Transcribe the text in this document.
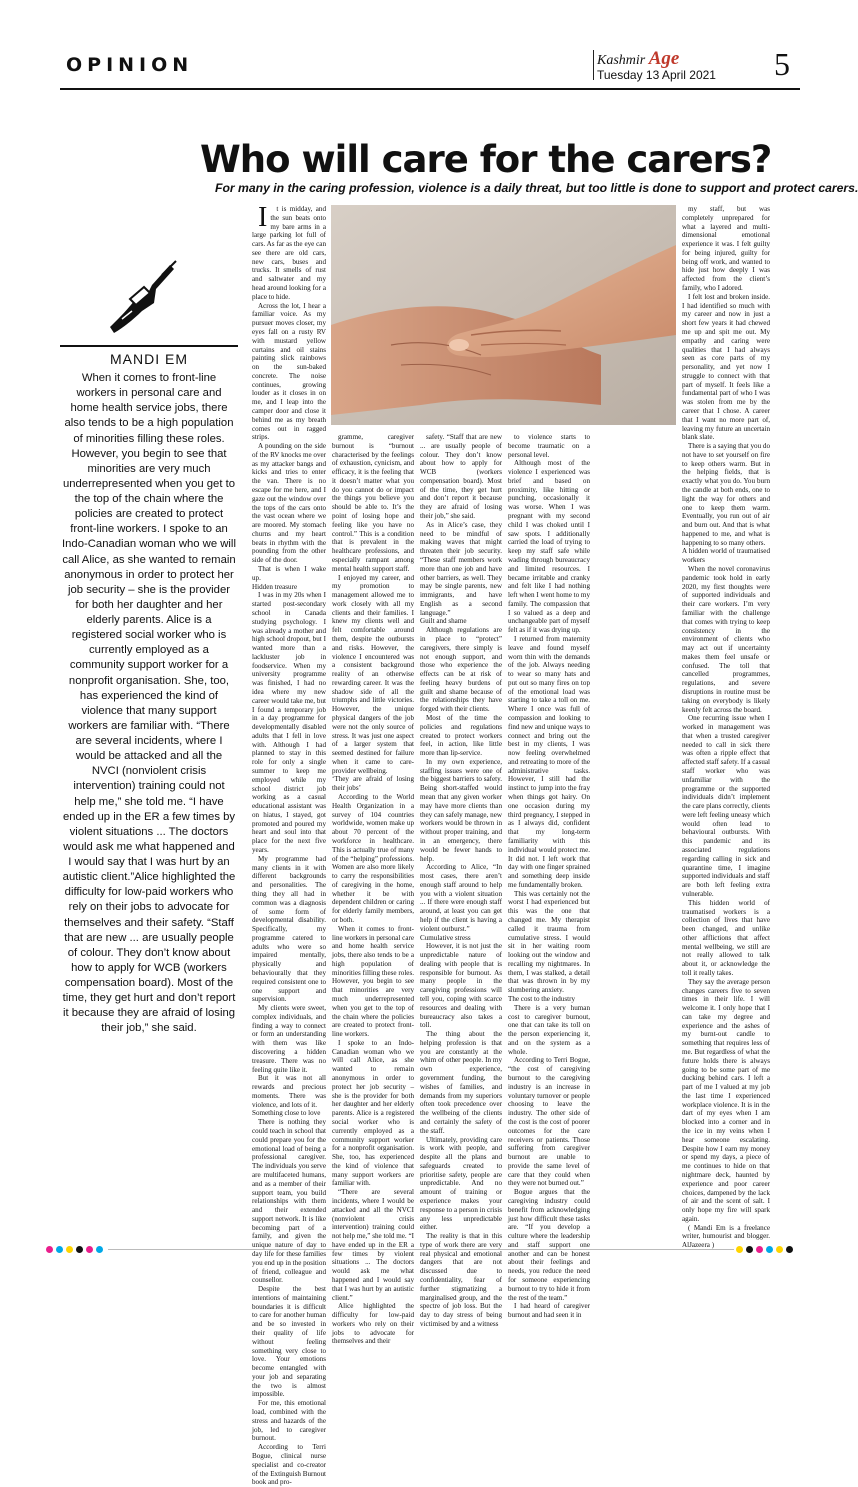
OPINION	Kashmir Age
Tuesday 13 April 2021 5
Who will care for the carers?
For many in the caring profession, violence is a daily threat, but too little is done to support and protect carers.
MANDI EM
When it comes to front-line workers in personal care and home health service jobs, there also tends to be a high population of minorities filling these roles. However, you begin to see that minorities are very much underrepresented when you get to the top of the chain where the policies are created to protect front-line workers. I spoke to an Indo-Canadian woman who we will call Alice, as she wanted to remain anonymous in order to protect her job security – she is the provider for both her daughter and her elderly parents. Alice is a registered social worker who is currently employed as a community support worker for a nonprofit organisation. She, too, has experienced the kind of violence that many support workers are familiar with. “There are several incidents, where I would be attacked and all the NVCI (nonviolent crisis intervention) training could not help me,” she told me. “I have ended up in the ER a few times by violent situations ... The doctors would ask me what happened and I would say that I was hurt by an autistic client.”Alice highlighted the difficulty for low-paid workers who rely on their jobs to advocate for themselves and their safety. “Staff that are new ... are usually people of colour. They don’t know about how to apply for WCB (workers compensation board). Most of the time, they get hurt and don’t report it because they are afraid of losing their job,” she said.

It is midday, and the sun beats onto my bare arms in a large parking lot full of cars. As far as the eye can see there are old cars, new cars, buses and trucks. It smells of rust and saltwater and my head around looking for a place to hide.

Across the lot, I hear a familiar voice. As my pursuer moves closer, my eyes fall on a rusty RV with mustard yellow curtains and oil stains painting slick rainbows on the sun-baked concrete. The noise continues, growing louder as it closes in on me, and I leap into the camper door and close it behind me as my breath comes out in ragged strips.

A pounding on the side of the RV knocks me over as my attacker bangs and kicks and tries to enter the van. There is no escape for me here, and I gaze out the window over the tops of the cars onto the vast ocean where we are moored. My stomach churns and my heart beats in rhythm with the pounding from the other side of the door.

That is when I wake up.

Hidden treasure

I was in my 20s when I started post-secondary school in Canada studying psychology. I was already a mother and high school dropout, but I wanted more than a lackluster job in foodservice. When my university programme was finished, I had no idea where my new career would take me, but I found a temporary job in a day programme for developmentally disabled adults that I fell in love with. Although I had planned to stay in this role for only a single summer to keep me employed while my school district job working as a casual educational assistant was on hiatus, I stayed, got promoted and poured my heart and soul into that place for the next five years.

My programme had many clients in it with different backgrounds and personalities. The thing they all had in common was a diagnosis of some form of developmental disability. Specifically, my programme catered to adults who were so impaired mentally, physically and behaviourally that they required consistent one to one support and supervision.

My clients were sweet, complex individuals, and finding a way to connect or form an understanding with them was like discovering a hidden treasure. There was no feeling quite like it.

But it was not all rewards and precious moments. There was violence, and lots of it.

Something close to love

There is nothing they could teach in school that could prepare you for the emotional load of being a professional caregiver. The individuals you serve are multifaceted humans, and as a member of their support team, you build relationships with them and their extended support network. It is like becoming part of a family, and given the unique nature of day to day life for these families you end up in the position of friend, colleague and counsellor.

Despite the best intentions of maintaining boundaries it is difficult to care for another human and be so invested in their quality of life without feeling something very close to love. Your emotions become entangled with your job and separating the two is almost impossible.

For me, this emotional load, combined with the stress and hazards of the job, led to caregiver burnout.

According to Terri Bogue, clinical nurse specialist and co-creator of the Extinguish Burnout book and pro-

gramme, caregiver burnout is “burnout characterised by the feelings of exhaustion, cynicism, and efficacy, it is the feeling that it doesn’t matter what you do you cannot do or impact the things you believe you should be able to. It’s the point of losing hope and feeling like you have no control.” This is a condition that is prevalent in the healthcare professions, and especially rampant among mental health support staff.

I enjoyed my career, and my promotion to management allowed me to work closely with all my clients and their families. I knew my clients well and felt comfortable around them, despite the outbursts and risks. However, the violence I encountered was a consistent background reality of an otherwise rewarding career. It was the shadow side of all the triumphs and little victories. However, the unique physical dangers of the job were not the only source of stress. It was just one aspect of a larger system that seemed destined for failure when it came to care-provider wellbeing.

‘They are afraid of losing their jobs’

According to the World Health Organization in a survey of 104 countries worldwide, women make up about 70 percent of the workforce in healthcare. This is actually true of many of the “helping” professions. Women are also more likely to carry the responsibilities of caregiving in the home, whether it be with dependent children or caring for elderly family members, or both.

When it comes to front-line workers in personal care and home health service jobs, there also tends to be a high population of minorities filling these roles. However, you begin to see that minorities are very much underrepresented when you get to the top of the chain where the policies are created to protect front-line workers.

I spoke to an Indo-Canadian woman who we will call Alice, as she wanted to remain anonymous in order to protect her job security – she is the provider for both her daughter and her elderly parents. Alice is a registered social worker who is currently employed as a community support worker for a nonprofit organisation. She, too, has experienced the kind of violence that many support workers are familiar with.

“There are several incidents, where I would be attacked and all the NVCI (nonviolent crisis intervention) training could not help me,” she told me. “I have ended up in the ER a few times by violent situations ... The doctors would ask me what happened and I would say that I was hurt by an autistic client.”

Alice highlighted the difficulty for low-paid workers who rely on their jobs to advocate for themselves and their

safety. “Staff that are new ... are usually people of colour. They don’t know about how to apply for WCB (workers compensation board). Most of the time, they get hurt and don’t report it because they are afraid of losing their job,” she said.

As in Alice’s case, they need to be mindful of making waves that might threaten their job security. “These staff members work more than one job and have other barriers, as well. They may be single parents, new immigrants, and have English as a second language.”

Guilt and shame

Although regulations are in place to “protect” caregivers, there simply is not enough support, and those who experience the effects can be at risk of feeling heavy burdens of guilt and shame because of the relationships they have forged with their clients.

Most of the time the policies and regulations created to protect workers feel, in action, like little more than lip-service.

In my own experience, staffing issues were one of the biggest barriers to safety. Being short-staffed would mean that any given worker may have more clients than they can safely manage, new workers would be thrown in without proper training, and in an emergency, there would be fewer hands to help.

According to Alice, “In most cases, there aren’t enough staff around to help you with a violent situation ... If there were enough staff around, at least you can get help if the client is having a violent outburst.”

Cumulative stress

However, it is not just the unpredictable nature of dealing with people that is responsible for burnout. As many people in the caregiving professions will tell you, coping with scarce resources and dealing with bureaucracy also takes a toll.

The thing about the helping profession is that you are constantly at the whim of other people. In my own experience, government funding, the wishes of families, and demands from my superiors often took precedence over the wellbeing of the clients and certainly the safety of the staff.

Ultimately, providing care is work with people, and despite all the plans and safeguards created to prioritise safety, people are unpredictable. And no amount of training or experience makes your response to a person in crisis any less unpredictable either.

The reality is that in this type of work there are very real physical and emotional dangers that are not discussed due to confidentiality, fear of further stigmatizing a marginalised group, and the spectre of job loss. But the day to day stress of being victimised by and a witness

to violence starts to become traumatic on a personal level.

Although most of the violence I experienced was brief and based on proximity, like hitting or punching, occasionally it was worse. When I was pregnant with my second child I was choked until I saw spots. I additionally carried the load of trying to keep my staff safe while wading through bureaucracy and limited resources. I became irritable and cranky and felt like I had nothing left when I went home to my family. The compassion that I so valued as a deep and unchangeable part of myself felt as if it was drying up.

I returned from maternity leave and found myself worn thin with the demands of the job. Always needing to wear so many hats and put out so many fires on top of the emotional load was starting to take a toll on me. Where I once was full of compassion and looking to find new and unique ways to connect and bring out the best in my clients, I was now feeling overwhelmed and retreating to more of the administrative tasks. However, I still had the instinct to jump into the fray when things got hairy. On one occasion during my third pregnancy, I stepped in as I always did, confident that my long-term familiarity with this individual would protect me. It did not. I left work that day with one finger sprained and something deep inside me fundamentally broken.

This was certainly not the worst I had experienced but this was the one that changed me. My therapist called it trauma from cumulative stress. I would sit in her waiting room looking out the window and recalling my nightmares. In them, I was stalked, a detail that was thrown in by my slumbering anxiety.

The cost to the industry

There is a very human cost to caregiver burnout, one that can take its toll on the person experiencing it, and on the system as a whole.

According to Terri Bogue, “the cost of caregiving burnout to the caregiving industry is an increase in voluntary turnover or people choosing to leave the industry. The other side of the cost is the cost of poorer outcomes for the care receivers or patients. Those suffering from caregiver burnout are unable to provide the same level of care that they could when they were not burned out.”

Bogue argues that the caregiving industry could benefit from acknowledging just how difficult these tasks are. “If you develop a culture where the leadership and staff support one another and can be honest about their feelings and needs, you reduce the need for someone experiencing burnout to try to hide it from the rest of the team.”

I had heard of caregiver burnout and had seen it in

my staff, but was completely unprepared for what a layered and multi-dimensional emotional experience it was. I felt guilty for being injured, guilty for being off work, and wanted to hide just how deeply I was affected from the client’s family, who I adored.

I felt lost and broken inside. I had identified so much with my career and now in just a short few years it had chewed me up and spit me out. My empathy and caring were qualities that I had always seen as core parts of my personality, and yet now I struggle to connect with that part of myself. It feels like a fundamental part of who I was was stolen from me by the career that I chose. A career that I want no more part of, leaving my future an uncertain blank slate.

There is a saying that you do not have to set yourself on fire to keep others warm. But in the helping fields, that is exactly what you do. You burn the candle at both ends, one to light the way for others and one to keep them warm. Eventually, you run out of air and burn out. And that is what happened to me, and what is happening to so many others.

A hidden world of traumatised workers

When the novel coronavirus pandemic took hold in early 2020, my first thoughts were of supported individuals and their care workers. I’m very familiar with the challenge that comes with trying to keep consistency in the environment of clients who may act out if uncertainty makes them feel unsafe or confused. The toll that cancelled programmes, regulations, and severe disruptions in routine must be taking on everybody is likely keenly felt across the board.

One recurring issue when I worked in management was that when a trusted caregiver needed to call in sick there was often a ripple effect that affected staff safety. If a casual staff worker who was unfamiliar with the programme or the supported individuals didn’t implement the care plans correctly, clients were left feeling uneasy which would often lead to behavioural outbursts. With this pandemic and its associated regulations regarding calling in sick and quarantine time, I imagine supported individuals and staff are both left feeling extra vulnerable.

This hidden world of traumatised workers is a collection of lives that have been changed, and unlike other afflictions that affect mental wellbeing, we still are not really allowed to talk about it, or acknowledge the toll it really takes.

They say the average person changes careers five to seven times in their life. I will welcome it. I only hope that I can take my degree and experience and the ashes of my burnt-out candle to something that requires less of me. But regardless of what the future holds there is always going to be some part of me ducking behind cars. I left a part of me I valued at my job the last time I experienced workplace violence. It is in the dart of my eyes when I am blocked into a corner and in the ice in my veins when I hear someone escalating. Despite how I earn my money or spend my days, a piece of me continues to hide on that nightmare deck, haunted by experience and poor career choices, dampened by the lack of air and the scent of salt. I only hope my fire will spark again.

( Mandi Em is a freelance writer, humourist and blogger. AlJazeera )
